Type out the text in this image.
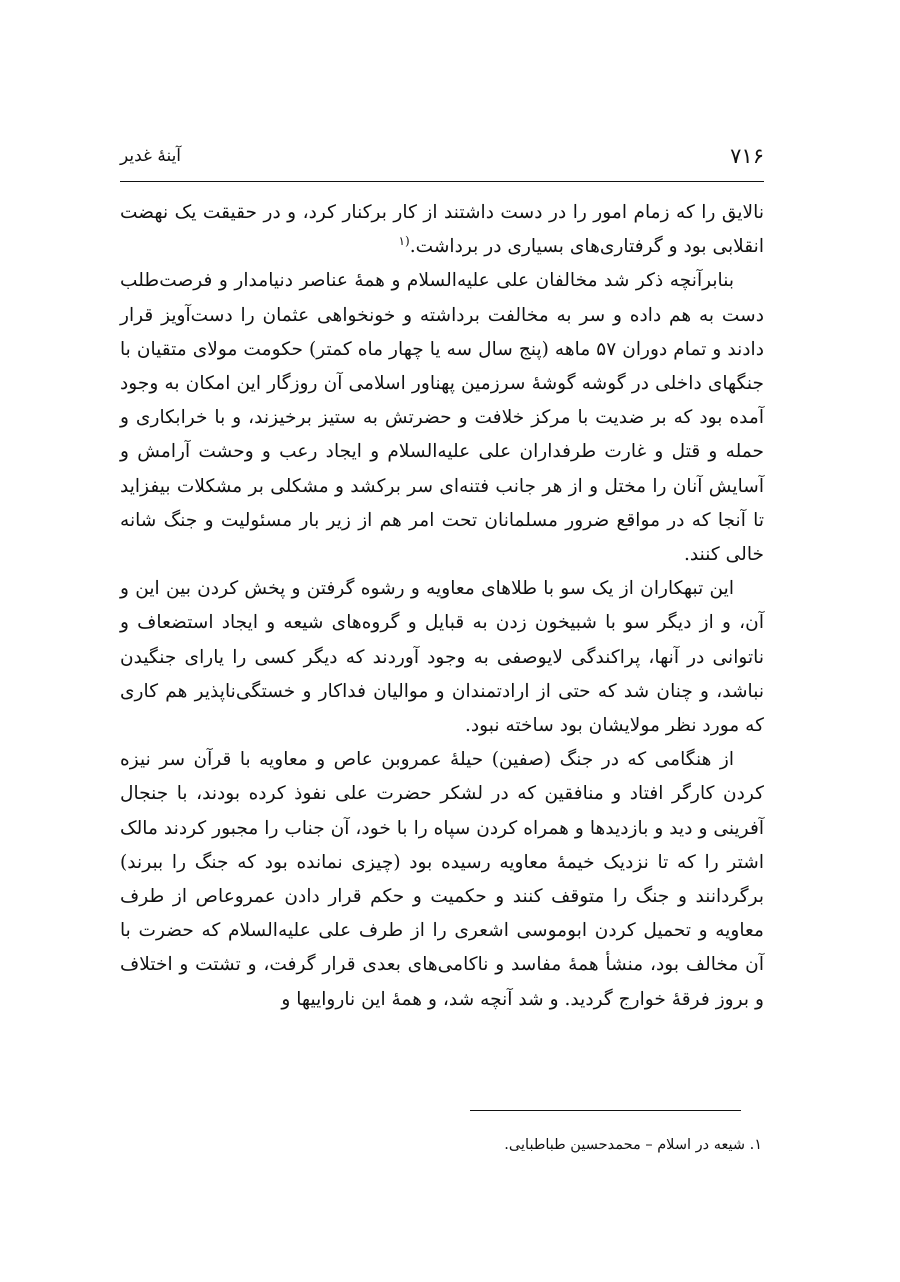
۷۱۶
آینهٔ غدیر

نالایق را که زمام امور را در دست داشتند از کار برکنار کرد، و در حقیقت یک نهضت انقلابی بود و گرفتاری‌های بسیاری در برداشت.$^{(۱}$

بنابرآنچه ذکر شد مخالفان علی علیه‌السلام و همهٔ عناصر دنیامدار و فرصت‌طلب دست به هم داده و سر به مخالفت برداشته و خونخواهی عثمان را دست‌آویز قرار دادند و تمام دوران ۵۷ ماهه (پنج سال سه یا چهار ماه کمتر) حکومت مولای متقیان با جنگهای داخلی در گوشه گوشهٔ سرزمین پهناور اسلامی آن روزگار این امکان به وجود آمده بود که بر ضدیت با مرکز خلافت و حضرتش به ستیز برخیزند، و با خرابکاری و حمله و قتل و غارت طرفداران علی علیه‌السلام و ایجاد رعب و وحشت آرامش و آسایش آنان را مختل و از هر جانب فتنه‌ای سر برکشد و مشکلی بر مشکلات بیفزاید تا آنجا که در مواقع ضرور مسلمانان تحت امر هم از زیر بار مسئولیت و جنگ شانه خالی کنند.

این تبهکاران از یک سو با طلاهای معاویه و رشوه گرفتن و پخش کردن بین این و آن، و از دیگر سو با شبیخون زدن به قبایل و گروه‌های شیعه و ایجاد استضعاف و ناتوانی در آنها، پراکندگی لایوصفی به وجود آوردند که دیگر کسی را یارای جنگیدن نباشد، و چنان شد که حتی از ارادتمندان و موالیان فداکار و خستگی‌ناپذیر هم کاری که مورد نظر مولایشان بود ساخته نبود.

از هنگامی که در جنگ (صفین) حیلهٔ عمروبن عاص و معاویه با قرآن سر نیزه کردن کارگر افتاد و منافقین که در لشکر حضرت علی نفوذ کرده بودند، با جنجال آفرینی و دید و بازدیدها و همراه کردن سپاه را با خود، آن جناب را مجبور کردند مالک اشتر را که تا نزدیک خیمهٔ معاویه رسیده بود (چیزی نمانده بود که جنگ را ببرند) برگردانند و جنگ را متوقف کنند و حکمیت و حکم قرار دادن عمروعاص از طرف معاویه و تحمیل کردن ابوموسی اشعری را از طرف علی علیه‌السلام که حضرت با آن مخالف بود، منشأ همهٔ مفاسد و ناکامی‌های بعدی قرار گرفت، و تشتت و اختلاف و بروز فرقهٔ خوارج گردید. و شد آنچه شد، و همهٔ این نارواییها و

۱. شیعه در اسلام – محمدحسین طباطبایی.
